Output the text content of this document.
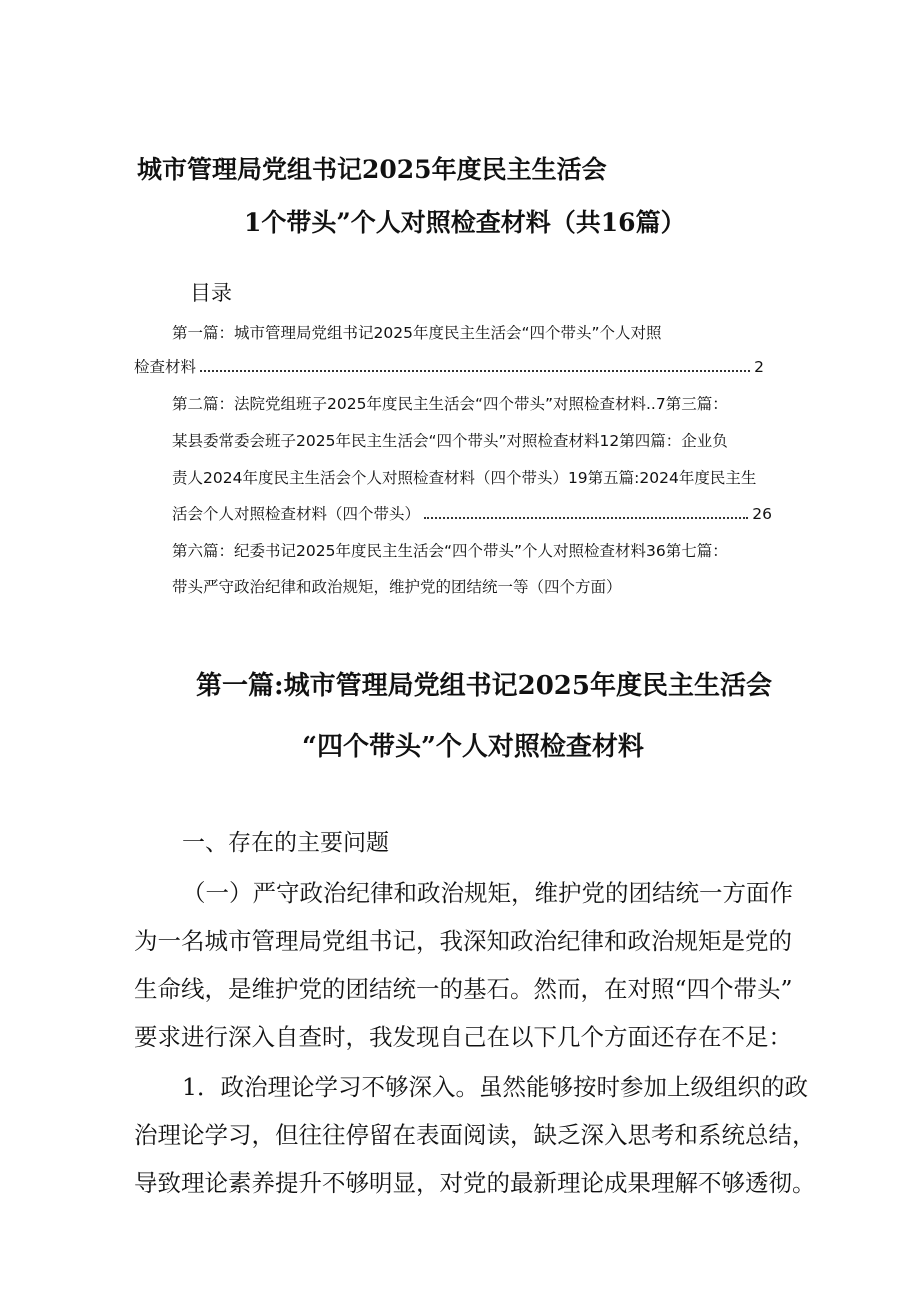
城市管理局党组书记2025年度民主生活会
1个带头”个人对照检查材料（共16篇）
目录
第一篇：城市管理局党组书记2025年度民主生活会“四个带头”个人对照
检查材料	2
第二篇：法院党组班子2025年度民主生活会“四个带头”对照检查材料..7第三篇：
某县委常委会班子2025年民主生活会“四个带头”对照检查材料12第四篇：企业负
责人2024年度民主生活会个人对照检查材料（四个带头）19第五篇:2024年度民主生
活会个人对照检查材料（四个带头）	26
第六篇：纪委书记2025年度民主生活会“四个带头”个人对照检查材料36第七篇：
带头严守政治纪律和政治规矩，维护党的团结统一等（四个方面）
第一篇:城市管理局党组书记2025年度民主生活会
“四个带头”个人对照检查材料
一、存在的主要问题
（一）严守政治纪律和政治规矩，维护党的团结统一方面作
为一名城市管理局党组书记，我深知政治纪律和政治规矩是党的
生命线，是维护党的团结统一的基石。然而，在对照“四个带头”
要求进行深入自查时，我发现自己在以下几个方面还存在不足：
1．政治理论学习不够深入。虽然能够按时参加上级组织的政
治理论学习，但往往停留在表面阅读，缺乏深入思考和系统总结，
导致理论素养提升不够明显，对党的最新理论成果理解不够透彻。
